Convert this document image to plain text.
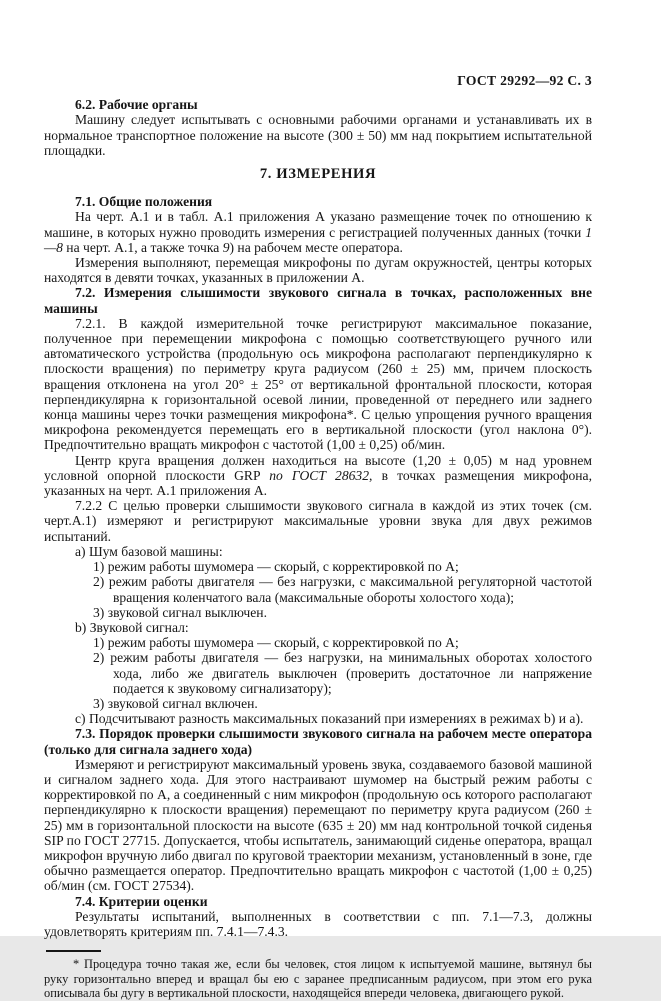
ГОСТ 29292—92 С. 3
6.2. Рабочие органы

Машину следует испытывать с основными рабочими органами и устанавливать их в нормальное транспортное положение на высоте (300 ± 50) мм над покрытием испытательной площадки.

7. ИЗМЕРЕНИЯ
7.1. Общие положения

На черт. А.1 и в табл. А.1 приложения А указано размещение точек по отношению к машине, в которых нужно проводить измерения с регистрацией полученных данных (точки 1—8 на черт. А.1, а также точка 9) на рабочем месте оператора.

Измерения выполняют, перемещая микрофоны по дугам окружностей, центры которых находятся в девяти точках, указанных в приложении А.

7.2. Измерения слышимости звукового сигнала в точках, расположенных вне машины

7.2.1. В каждой измерительной точке регистрируют максимальное показание, полученное при перемещении микрофона с помощью соответствующего ручного или автоматического устройства (продольную ось микрофона располагают перпендикулярно к плоскости вращения) по периметру круга радиусом (260 ± 25) мм, причем плоскость вращения отклонена на угол 20° ± 25° от вертикальной фронтальной плоскости, которая перпендикулярна к горизонтальной осевой линии, проведенной от переднего или заднего конца машины через точки размещения микрофона*. С целью упрощения ручного вращения микрофона рекомендуется перемещать его в вертикальной плоскости (угол наклона 0°). Предпочтительно вращать микрофон с частотой (1,00 ± 0,25) об/мин.

Центр круга вращения должен находиться на высоте (1,20 ± 0,05) м над уровнем условной опорной плоскости GRP по ГОСТ 28632, в точках размещения микрофона, указанных на черт. А.1 приложения А.

7.2.2 С целью проверки слышимости звукового сигнала в каждой из этих точек (см. черт.А.1) измеряют и регистрируют максимальные уровни звука для двух режимов испытаний.

а) Шум базовой машины:
1) режим работы шумомера — скорый, с корректировкой по А;
2) режим работы двигателя — без нагрузки, с максимальной регуляторной частотой вращения коленчатого вала (максимальные обороты холостого хода);
3) звуковой сигнал выключен.
b) Звуковой сигнал:
1) режим работы шумомера — скорый, с корректировкой по А;
2) режим работы двигателя — без нагрузки, на минимальных оборотах холостого хода, либо же двигатель выключен (проверить достаточное ли напряжение подается к звуковому сигнализатору);
3) звуковой сигнал включен.
c) Подсчитывают разность максимальных показаний при измерениях в режимах b) и а).
7.3. Порядок проверки слышимости звукового сигнала на рабочем месте оператора (только для сигнала заднего хода)

Измеряют и регистрируют максимальный уровень звука, создаваемого базовой машиной и сигналом заднего хода. Для этого настраивают шумомер на быстрый режим работы с корректировкой по А, а соединенный с ним микрофон (продольную ось которого располагают перпендикулярно к плоскости вращения) перемещают по периметру круга радиусом (260 ± 25) мм в горизонтальной плоскости на высоте (635 ± 20) мм над контрольной точкой сиденья SIP по ГОСТ 27715. Допускается, чтобы испытатель, занимающий сиденье оператора, вращал микрофон вручную либо двигал по круговой траектории механизм, установленный в зоне, где обычно размещается оператор. Предпочтительно вращать микрофон с частотой (1,00 ± 0,25) об/мин (см. ГОСТ 27534).

7.4. Критерии оценки

Результаты испытаний, выполненных в соответствии с пп. 7.1—7.3, должны удовлетворять критериям пп. 7.4.1—7.4.3.

* Процедура точно такая же, если бы человек, стоя лицом к испытуемой машине, вытянул бы руку горизонтально вперед и вращал бы ею с заранее предписанным радиусом, при этом его рука описывала бы дугу в вертикальной плоскости, находящейся впереди человека, двигающего рукой.
